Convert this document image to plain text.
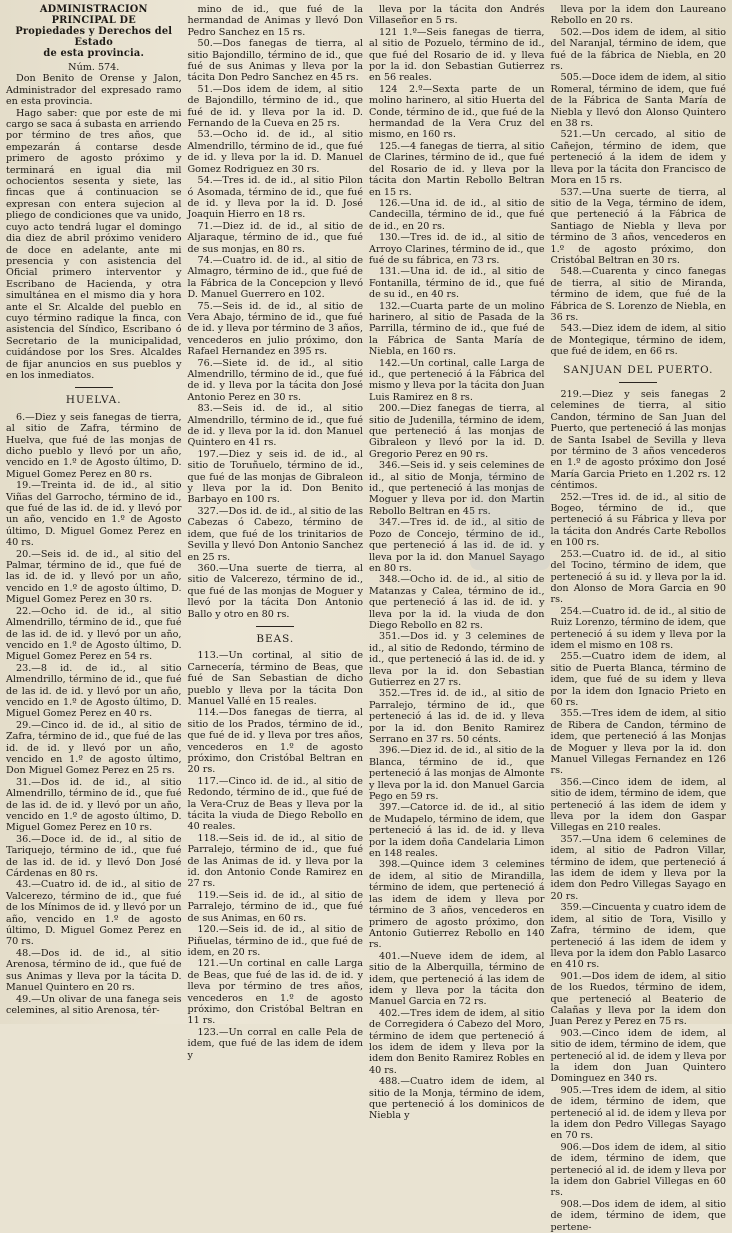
ADMINISTRACION PRINCIPAL DE

Propiedades y Derechos del Estado

de esta provincia.

Núm. 574.

Don Benito de Orense y Jalon, Administrador del expresado ramo en esta provincia.

Hago saber: que por este de mi cargo se saca á subasta en arriendo por término de tres años, que empezarán á contarse desde primero de agosto próximo y terminará en igual dia mil ochocientos sesenta y siete, las fincas que á continuacion se expresan con entera sujecion al pliego de condiciones que va unido, cuyo acto tendrá lugar el domingo dia diez de abril próximo venidero de doce en adelante, ante mi presencia y con asistencia del Oficial primero interventor y Escribano de Hacienda, y otra simultánea en el mismo dia y hora ante el Sr. Alcalde del pueblo en cuyo término radique la finca, con asistencia del Síndico, Escribano ó Secretario de la municipalidad, cuidándose por los Sres. Alcaldes de fijar anuncios en sus pueblos y en los inmediatos.

HUELVA.

6.—Diez y seis fanegas de tierra, al sitio de Zafra, término de Huelva, que fué de las monjas de dicho pueblo y llevó por un año, vencido en 1.º de Agosto último, D. Miguel Gomez Perez en 80 rs.

19.—Treinta id. de id., al sitio Viñas del Garrocho, término de id., que fué de las id. de id. y llevó por un año, vencido en 1.º de Agosto último, D. Miguel Gomez Perez en 40 rs.

20.—Seis id. de id., al sitio del Palmar, término de id., que fué de las id. de id. y llevó por un año, vencido en 1.º de agosto último, D. Miguel Gomez Perez en 30 rs.

22.—Ocho id. de id., al sitio Almendrillo, término de id., que fué de las id. de id. y llevó por un año, vencido en 1.º de Agosto último, D. Miguel Gomez Perez en 54 rs.

23.—8 id. de id., al sitio Almendrillo, término de id., que fué de las id. de id. y llevó por un año, vencido en 1.º de Agosto último, D. Miguel Gomez Perez en 40 rs.

29.—Cinco id. de id., al sitio de Zafra, término de id., que fué de las id. de id. y llevó por un año, vencido en 1.º de agosto último, Don Miguel Gomez Perez en 25 rs.

31.—Dos id. de id., al sitio Almendrillo, término de id., que fué de las id. de id. y llevó por un año, vencido en 1.º de agosto último, D. Miguel Gomez Perez en 10 rs.

36.—Doce id. de id., al sitio de Tariquejo, término de id., que fué de las id. de id. y llevó Don José Cárdenas en 80 rs.

43.—Cuatro id. de id., al sitio de Valcerezo, término de id., que fué de los Mínimos de id. y llevó por un año, vencido en 1.º de agosto último, D. Miguel Gomez Perez en 70 rs.

48.—Dos id. de id., al sitio Arenosa, término de id., que fué de sus Animas y lleva por la tácita D. Manuel Quintero en 20 rs.

49.—Un olivar de una fanega seis celemines, al sitio Arenosa, tér-

mino de id., que fué de la hermandad de Animas y llevó Don Pedro Sanchez en 15 rs.

50.—Dos fanegas de tierra, al sitio Bajondillo, término de id., que fué de sus Animas y lleva por la tácita Don Pedro Sanchez en 45 rs.

51.—Dos idem de idem, al sitio de Bajondillo, término de id., que fué de id. y lleva por la id. D. Fernando de la Cueva en 25 rs.

53.—Ocho id. de id., al sitio Almendrillo, término de id., que fué de id. y lleva por la id. D. Manuel Gomez Rodriguez en 30 rs.

54.—Tres id. de id., al sitio Pilon ó Asomada, término de id., que fué de id. y lleva por la id. D. José Joaquin Hierro en 18 rs.

71.—Diez id. de id., al sitio de Aljaraque, término de id., que fué de sus monjas, en 80 rs.

74.—Cuatro id. de id., al sitio de Almagro, término de id., que fué de la Fábrica de la Concepcion y llevó D. Manuel Guerrero en 102.

75.—Seis id. de id., al sitio de Vera Abajo, término de id., que fué de id. y lleva por término de 3 años, vencederos en julio próximo, don Rafael Hernandez en 395 rs.

76.—Siete id. de id., al sitio Almendrillo, término de id., que fué de id. y lleva por la tácita don José Antonio Perez en 30 rs.

83.—Seis id. de id., al sitio Almendrillo, término de id., que fué de id. y lleva por la id. don Manuel Quintero en 41 rs.

197.—Diez y seis id. de id., al sitio de Toruñuelo, término de id., que fué de las monjas de Gibraleon y lleva por la id. Don Benito Barbayo en 100 rs.

327.—Dos id. de id., al sitio de las Cabezas ó Cabezo, término de idem, que fué de los trinitarios de Sevilla y llevó Don Antonio Sanchez en 25 rs.

360.—Una suerte de tierra, al sitio de Valcerezo, término de id., que fué de las monjas de Moguer y llevó por la tácita Don Antonio Ballo y otro en 80 rs.

BEAS.

113.—Un cortinal, al sitio de Carnecería, término de Beas, que fué de San Sebastian de dicho pueblo y lleva por la tácita Don Manuel Vallé en 15 reales.

114.—Dos fanegas de tierra, al sitio de los Prados, término de id., que fué de id. y lleva por tres años, vencederos en 1.º de agosto próximo, don Cristóbal Beltran en 20 rs.

117.—Cinco id. de id., al sitio de Redondo, término de id., que fué de la Vera-Cruz de Beas y lleva por la tácita la viuda de Diego Rebollo en 40 reales.

118.—Seis id. de id., al sitio de Parralejo, término de id., que fué de las Animas de id. y lleva por la id. don Antonio Conde Ramirez en 27 rs.

119.—Seis id. de id., al sitio de Parralejo, término de id., que fué de sus Animas, en 60 rs.

120.—Seis id. de id., al sitio de Piñuelas, término de id., que fué de idem, en 20 rs.

121.—Un cortinal en calle Larga de Beas, que fué de las id. de id. y lleva por término de tres años, vencederos en 1.º de agosto próximo, don Cristóbal Beltran en 11 rs.

123.—Un corral en calle Pela de idem, que fué de las idem de idem y

lleva por la tácita don Andrés Villaseñor en 5 rs.

121 1.º—Seis fanegas de tierra, al sitio de Pozuelo, término de id., que fué del Rosario de id. y lleva por la id. don Sebastian Gutierrez en 56 reales.

124 2.º—Sexta parte de un molino harinero, al sitio Huerta del Conde, término de id., que fué de la hermandad de la Vera Cruz del mismo, en 160 rs.

125.—4 fanegas de tierra, al sitio de Clarines, término de id., que fué del Rosario de id. y lleva por la tácita don Martin Rebollo Beltran en 15 rs.

126.—Una id. de id., al sitio de Candecilla, término de id., que fué de id., en 20 rs.

130.—Tres id. de id., al sitio de Arroyo Clarines, término de id., que fué de su fábrica, en 73 rs.

131.—Una id. de id., al sitio de Fontanilla, término de id., que fué de su id., en 40 rs.

132.—Cuarta parte de un molino harinero, al sitio de Pasada de la Parrilla, término de id., que fué de la Fábrica de Santa María de Niebla, en 160 rs.

142.—Un cortinal, calle Larga de id., que perteneció á la Fábrica del mismo y lleva por la tácita don Juan Luis Ramirez en 8 rs.

200.—Diez fanegas de tierra, al sitio de Judenilla, término de idem, que perteneció á las monjas de Gibraleon y llevó por la id. D. Gregorio Perez en 90 rs.

346.—Seis id. y seis celemines de id., al sitio de Monja, término de id., que perteneció á las monjas de Moguer y lleva por id. don Martin Rebollo Beltran en 45 rs.

347.—Tres id. de id., al sitio de Pozo de Concejo, término de id., que perteneció á las id. de id. y lleva por la id. don Manuel Sayago en 80 rs.

348.—Ocho id. de id., al sitio de Matanzas y Calea, término de id., que perteneció á las id. de id. y lleva por la id. la viuda de don Diego Rebollo en 82 rs.

351.—Dos id. y 3 celemines de id., al sitio de Redondo, término de id., que perteneció á las id. de id. y lleva por la id. don Sebastian Gutierrez en 27 rs.

352.—Tres id. de id., al sitio de Parralejo, término de id., que perteneció á las id. de id. y lleva por la id. don Benito Ramirez Serrano en 37 rs. 50 cénts.

396.—Diez id. de id., al sitio de la Blanca, término de id., que perteneció á las monjas de Almonte y lleva por la id. don Manuel Garcia Pego en 59 rs.

397.—Catorce id. de id., al sitio de Mudapelo, término de idem, que perteneció á las id. de id. y lleva por la idem doña Candelaria Limon en 148 reales.

398.—Quince idem 3 celemines de idem, al sitio de Mirandilla, término de idem, que perteneció á las idem de idem y lleva por término de 3 años, vencederos en primero de agosto próximo, don Antonio Gutierrez Rebollo en 140 rs.

401.—Nueve idem de idem, al sitio de la Alberquilla, término de idem, que perteneció á las idem de idem y lleva por la tácita don Manuel Garcia en 72 rs.

402.—Tres idem de idem, al sitio de Corregidera ó Cabezo del Moro, término de idem que perteneció á los idem de idem y lleva por la idem don Benito Ramirez Robles en 40 rs.

488.—Cuatro idem de idem, al sitio de la Monja, término de idem, que perteneció á los dominicos de Niebla y

lleva por la idem don Laureano Rebollo en 20 rs.

502.—Dos idem de idem, al sitio del Naranjal, término de idem, que fué de la fábrica de Niebla, en 20 rs.

505.—Doce idem de idem, al sitio Romeral, término de idem, que fué de la Fábrica de Santa María de Niebla y llevó don Alonso Quintero en 38 rs.

521.—Un cercado, al sitio de Cañejon, término de idem, que perteneció á la idem de idem y lleva por la tácita don Francisco de Mora en 15 rs.

537.—Una suerte de tierra, al sitio de la Vega, término de idem, que perteneció á la Fábrica de Santiago de Niebla y lleva por término de 3 años, vencederos en 1.º de agosto próximo, don Cristóbal Beltran en 30 rs.

548.—Cuarenta y cinco fanegas de tierra, al sitio de Miranda, término de idem, que fué de la Fábrica de S. Lorenzo de Niebla, en 36 rs.

543.—Diez idem de idem, al sitio de Montegique, término de idem, que fué de idem, en 66 rs.

SANJUAN DEL PUERTO.

219.—Diez y seis fanegas 2 celemines de tierra, al sitio Candon, término de San Juan del Puerto, que perteneció á las monjas de Santa Isabel de Sevilla y lleva por término de 3 años vencederos en 1.º de agosto próximo don José María Garcia Prieto en 1.202 rs. 12 céntimos.

252.—Tres id. de id., al sitio de Bogeo, término de id., que perteneció á su Fábrica y lleva por la tácita don Andrés Carte Rebollos en 100 rs.

253.—Cuatro id. de id., al sitio del Tocino, término de idem, que perteneció á su id. y lleva por la id. don Alonso de Mora Garcia en 90 rs.

254.—Cuatro id. de id., al sitio de Ruiz Lorenzo, término de idem, que perteneció á su idem y lleva por la idem el mismo en 108 rs.

255.—Cuatro idem de idem, al sitio de Puerta Blanca, término de idem, que fué de su idem y lleva por la idem don Ignacio Prieto en 60 rs.

355.—Tres idem de idem, al sitio de Ribera de Candon, término de idem, que perteneció á las Monjas de Moguer y lleva por la id. don Manuel Villegas Fernandez en 126 rs.

356.—Cinco idem de idem, al sitio de idem, término de idem, que perteneció á las idem de idem y lleva por la idem don Gaspar Villegas en 210 reales.

357.—Una idem 6 celemines de idem, al sitio de Padron Villar, término de idem, que perteneció á las idem de idem y lleva por la idem don Pedro Villegas Sayago en 20 rs.

359.—Cincuenta y cuatro idem de idem, al sitio de Tora, Visillo y Zafra, término de idem, que perteneció á las idem de idem y lleva por la idem don Pablo Lasarco en 410 rs.

901.—Dos idem de idem, al sitio de los Ruedos, término de idem, que perteneció al Beaterio de Calañas y lleva por la idem don Juan Perez y Perez en 75 rs.

903.—Cinco idem de idem, al sitio de idem, término de idem, que perteneció al id. de idem y lleva por la idem don Juan Quintero Dominguez en 340 rs.

905.—Tres idem de idem, al sitio de idem, término de idem, que perteneció al id. de idem y lleva por la idem don Pedro Villegas Sayago en 70 rs.

906.—Dos idem de idem, al sitio de idem, término de idem, que perteneció al id. de idem y lleva por la idem don Gabriel Villegas en 60 rs.

908.—Dos idem de idem, al sitio de idem, término de idem, que pertene-
